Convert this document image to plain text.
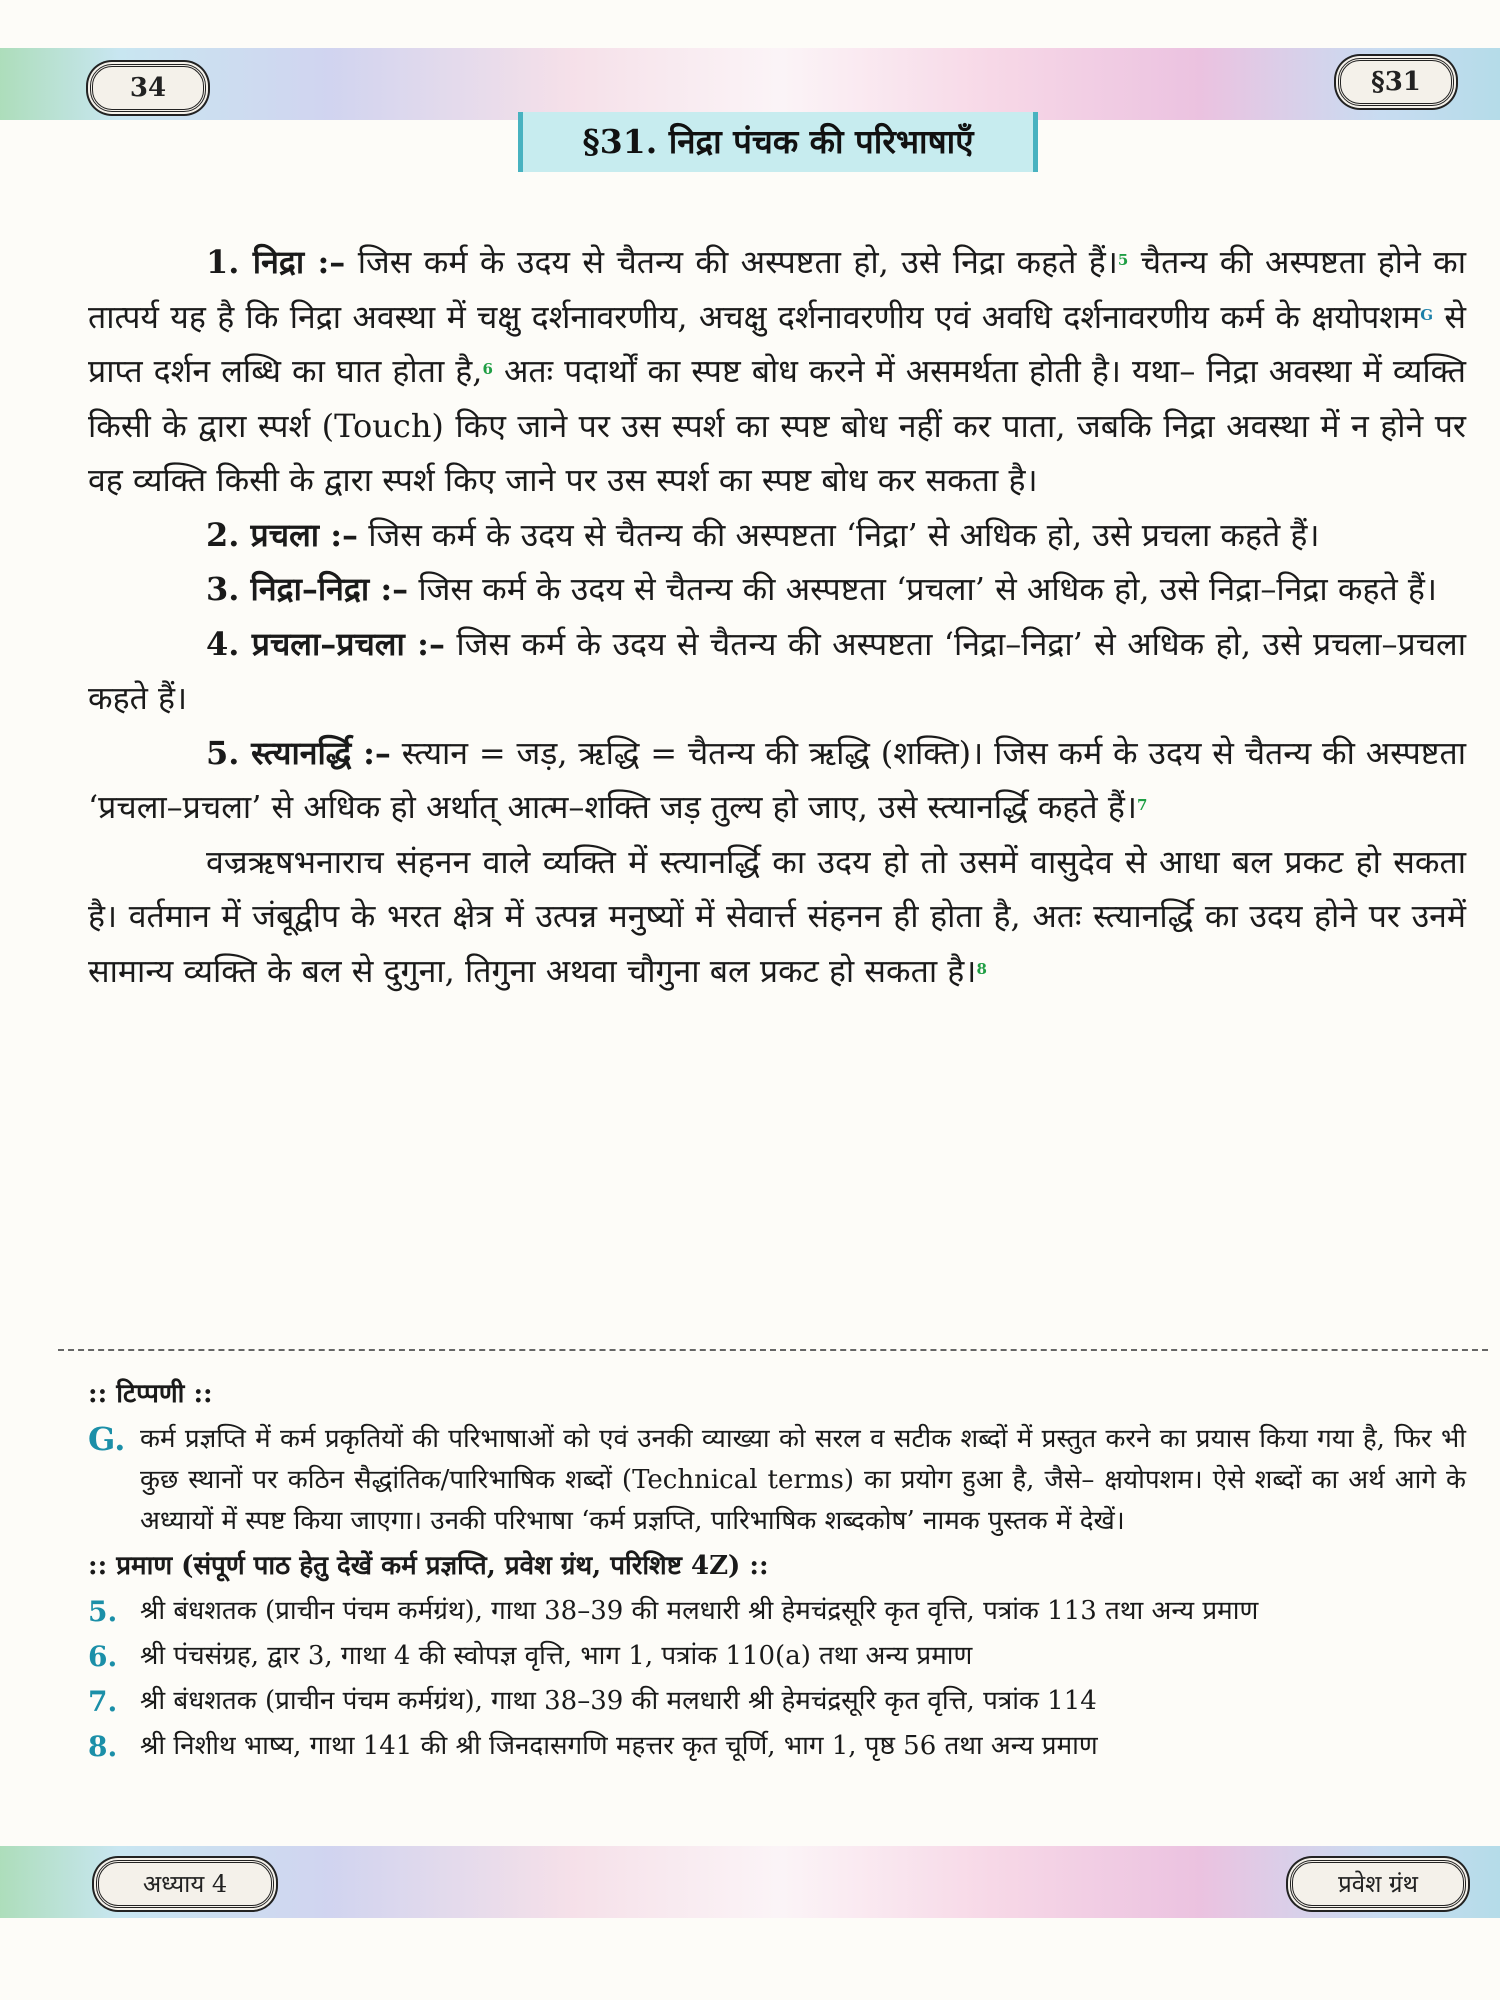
34	§31
§31. निद्रा पंचक की परिभाषाएँ

1. निद्रा :– जिस कर्म के उदय से चैतन्य की अस्पष्टता हो, उसे निद्रा कहते हैं।$^5$ चैतन्य की अस्पष्टता होने का तात्पर्य यह है कि निद्रा अवस्था में चक्षु दर्शनावरणीय, अचक्षु दर्शनावरणीय एवं अवधि दर्शनावरणीय कर्म के क्षयोपशम$^G$ से प्राप्त दर्शन लब्धि का घात होता है,$^6$ अतः पदार्थों का स्पष्ट बोध करने में असमर्थता होती है। यथा– निद्रा अवस्था में व्यक्ति किसी के द्वारा स्पर्श (Touch) किए जाने पर उस स्पर्श का स्पष्ट बोध नहीं कर पाता, जबकि निद्रा अवस्था में न होने पर वह व्यक्ति किसी के द्वारा स्पर्श किए जाने पर उस स्पर्श का स्पष्ट बोध कर सकता है।

2. प्रचला :– जिस कर्म के उदय से चैतन्य की अस्पष्टता ‘निद्रा’ से अधिक हो, उसे प्रचला कहते हैं।

3. निद्रा–निद्रा :– जिस कर्म के उदय से चैतन्य की अस्पष्टता ‘प्रचला’ से अधिक हो, उसे निद्रा–निद्रा कहते हैं।

4. प्रचला–प्रचला :– जिस कर्म के उदय से चैतन्य की अस्पष्टता ‘निद्रा–निद्रा’ से अधिक हो, उसे प्रचला–प्रचला कहते हैं।

5. स्त्यानर्द्धि :– स्त्यान = जड़, ऋद्धि = चैतन्य की ऋद्धि (शक्ति)। जिस कर्म के उदय से चैतन्य की अस्पष्टता ‘प्रचला–प्रचला’ से अधिक हो अर्थात् आत्म–शक्ति जड़ तुल्य हो जाए, उसे स्त्यानर्द्धि कहते हैं।$^7$

वज्रऋषभनाराच संहनन वाले व्यक्ति में स्त्यानर्द्धि का उदय हो तो उसमें वासुदेव से आधा बल प्रकट हो सकता है। वर्तमान में जंबूद्वीप के भरत क्षेत्र में उत्पन्न मनुष्यों में सेवार्त्त संहनन ही होता है, अतः स्त्यानर्द्धि का उदय होने पर उनमें सामान्य व्यक्ति के बल से दुगुना, तिगुना अथवा चौगुना बल प्रकट हो सकता है।$^8$

:: टिप्पणी ::

G. कर्म प्रज्ञप्ति में कर्म प्रकृतियों की परिभाषाओं को एवं उनकी व्याख्या को सरल व सटीक शब्दों में प्रस्तुत करने का प्रयास किया गया है, फिर भी कुछ स्थानों पर कठिन सैद्धांतिक/पारिभाषिक शब्दों (Technical terms) का प्रयोग हुआ है, जैसे– क्षयोपशम। ऐसे शब्दों का अर्थ आगे के अध्यायों में स्पष्ट किया जाएगा। उनकी परिभाषा ‘कर्म प्रज्ञप्ति, पारिभाषिक शब्दकोष’ नामक पुस्तक में देखें।

:: प्रमाण (संपूर्ण पाठ हेतु देखें कर्म प्रज्ञप्ति, प्रवेश ग्रंथ, परिशिष्ट 4Z) ::

5. श्री बंधशतक (प्राचीन पंचम कर्मग्रंथ), गाथा 38–39 की मलधारी श्री हेमचंद्रसूरि कृत वृत्ति, पत्रांक 113 तथा अन्य प्रमाण
6. श्री पंचसंग्रह, द्वार 3, गाथा 4 की स्वोपज्ञ वृत्ति, भाग 1, पत्रांक 110(a) तथा अन्य प्रमाण
7. श्री बंधशतक (प्राचीन पंचम कर्मग्रंथ), गाथा 38–39 की मलधारी श्री हेमचंद्रसूरि कृत वृत्ति, पत्रांक 114
8. श्री निशीथ भाष्य, गाथा 141 की श्री जिनदासगणि महत्तर कृत चूर्णि, भाग 1, पृष्ठ 56 तथा अन्य प्रमाण
अध्याय 4	प्रवेश ग्रंथ
